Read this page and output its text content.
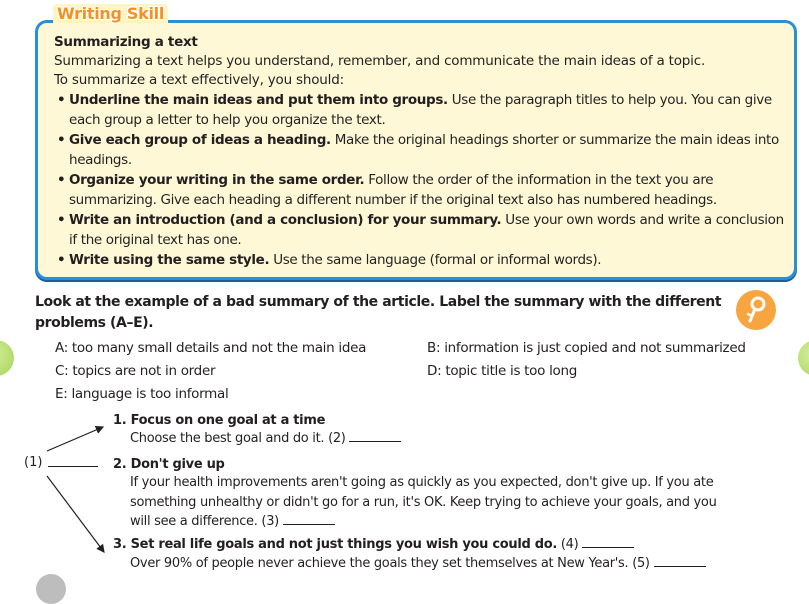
Summarizing a text
Summarizing a text helps you understand, remember, and communicate the main ideas of a topic.
To summarize a text effectively, you should:
• Underline the main ideas and put them into groups. Use the paragraph titles to help you. You can give each group a letter to help you organize the text.
• Give each group of ideas a heading. Make the original headings shorter or summarize the main ideas into headings.
• Organize your writing in the same order. Follow the order of the information in the text you are summarizing. Give each heading a different number if the original text also has numbered headings.
• Write an introduction (and a conclusion) for your summary. Use your own words and write a conclusion if the original text has one.
• Write using the same style. Use the same language (formal or informal words).
Writing Skill
Look at the example of a bad summary of the article. Label the summary with the different problems (A–E).
A: too many small details and not the main idea	B: information is just copied and not summarized
C: topics are not in order	D: topic title is too long
E: language is too informal
(1)
1. Focus on one goal at a time
Choose the best goal and do it. (2)
2. Don't give up
If your health improvements aren't going as quickly as you expected, don't give up. If you ate
something unhealthy or didn't go for a run, it's OK. Keep trying to achieve your goals, and you
will see a difference. (3)
3. Set real life goals and not just things you wish you could do. (4)
Over 90% of people never achieve the goals they set themselves at New Year's. (5)
